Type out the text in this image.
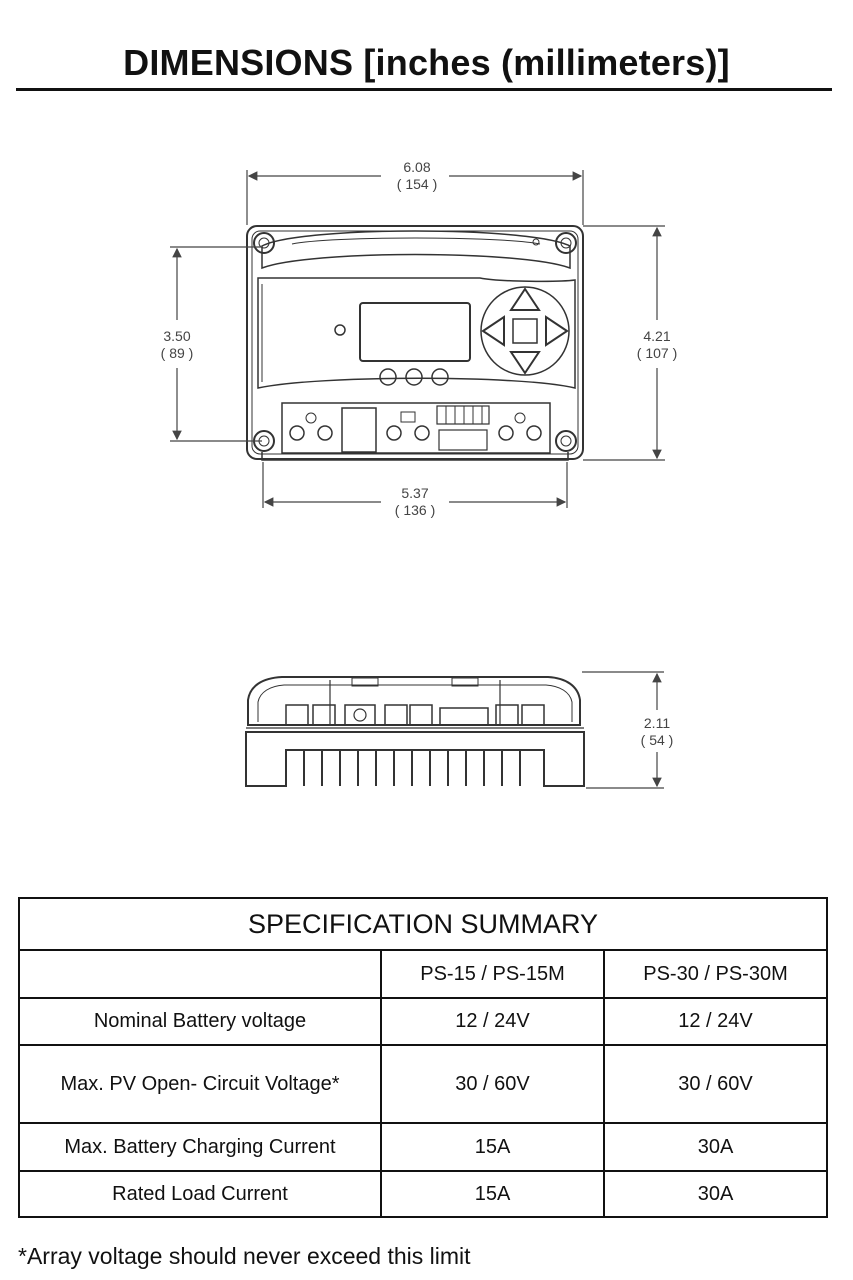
DIMENSIONS [inches (millimeters)]
6.08
( 154 )
3.50
( 89 )
4.21
( 107 )
5.37
( 136 )
2.11
( 54 )
SPECIFICATION SUMMARY		
	PS-15 / PS-15M	PS-30 / PS-30M
Nominal Battery voltage	12 / 24V	12 / 24V
Max. PV Open- Circuit Voltage*	30 / 60V	30 / 60V
Max. Battery Charging Current	15A	30A
Rated Load Current	15A	30A
*Array voltage should never exceed this limit
